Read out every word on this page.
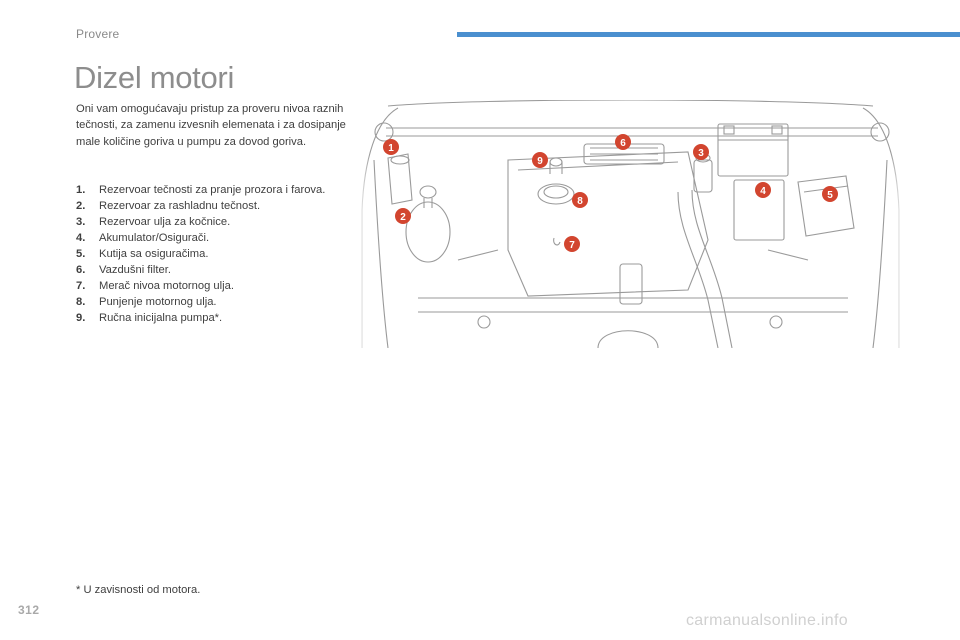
Provere
Dizel motori

Oni vam omogućavaju pristup za proveru nivoa raznih tečnosti, za zamenu izvesnih elemenata i za dosipanje male količine goriva u pumpu za dovod goriva.

1.	Rezervoar tečnosti za pranje prozora i farova.
2.	Rezervoar za rashladnu tečnost.
3.	Rezervoar ulja za kočnice.
4.	Akumulator/Osigurači.
5.	Kutija sa osiguračima.
6.	Vazdušni filter.
7.	Merač nivoa motornog ulja.
8.	Punjenje motornog ulja.
9.	Ručna inicijalna pumpa*.
1
2
3
4	5
6
7
8
9
* U zavisnosti od motora.
312
carmanualsonline.info
